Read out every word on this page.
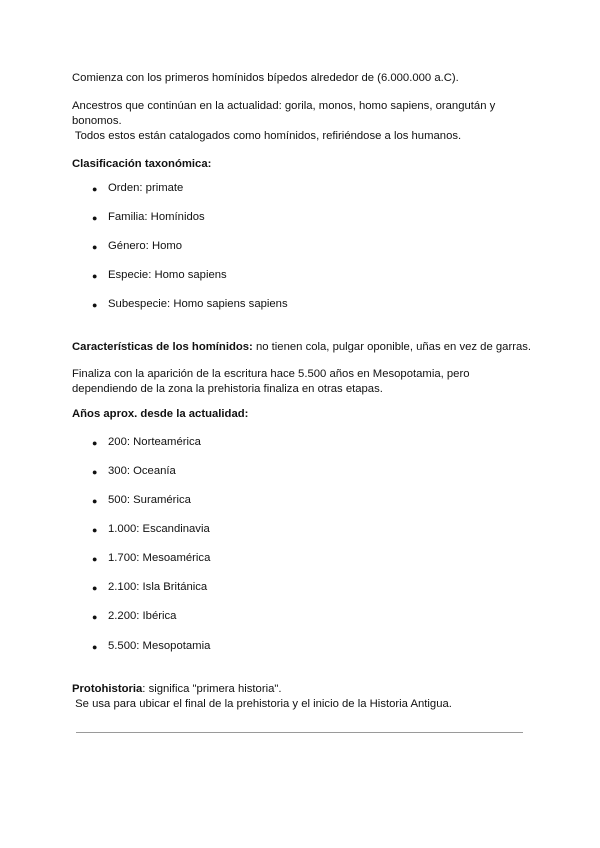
Comienza con los primeros homínidos bípedos alrededor de (6.000.000 a.C).
Ancestros que continúan en la actualidad: gorila, monos, homo sapiens, orangután y
bonomos.
Todos estos están catalogados como homínidos, refiriéndose a los humanos.
Clasificación taxonómica:
● Orden: primate
● Familia: Homínidos
● Género: Homo
● Especie: Homo sapiens
● Subespecie: Homo sapiens sapiens
Características de los homínidos: no tienen cola, pulgar oponible, uñas en vez de garras.
Finaliza con la aparición de la escritura hace 5.500 años en Mesopotamia, pero
dependiendo de la zona la prehistoria finaliza en otras etapas.
Años aprox. desde la actualidad:
● 200: Norteamérica
● 300: Oceanía
● 500: Suramérica
● 1.000: Escandinavia
● 1.700: Mesoamérica
● 2.100: Isla Británica
● 2.200: Ibérica
● 5.500: Mesopotamia
Protohistoria: significa "primera historia".
Se usa para ubicar el final de la prehistoria y el inicio de la Historia Antigua.
